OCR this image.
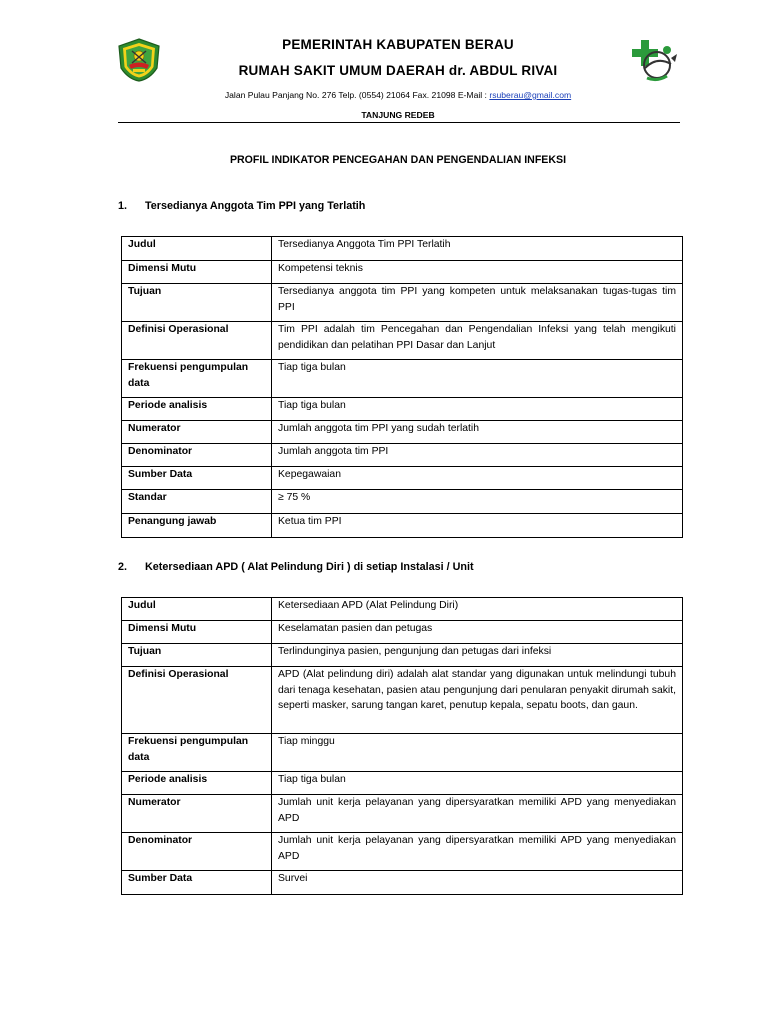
PEMERINTAH KABUPATEN BERAU
RUMAH SAKIT UMUM DAERAH dr. ABDUL RIVAI
Jalan Pulau Panjang No. 276 Telp. (0554) 21064 Fax. 21098 E-Mail : rsuberau@gmail.com
TANJUNG REDEB
PROFIL INDIKATOR PENCEGAHAN DAN PENGENDALIAN INFEKSI
1. Tersedianya Anggota Tim PPI yang Terlatih
Judul	Tersedianya Anggota Tim PPI Terlatih
Dimensi Mutu	Kompetensi teknis
Tujuan	Tersedianya anggota tim PPI yang kompeten untuk melaksanakan tugas-tugas tim PPI
Definisi Operasional	Tim PPI adalah tim Pencegahan dan Pengendalian Infeksi yang telah mengikuti pendidikan dan pelatihan PPI Dasar dan Lanjut
Frekuensi pengumpulan data	Tiap tiga bulan
Periode analisis	Tiap tiga bulan
Numerator	Jumlah anggota tim PPI yang sudah terlatih
Denominator	Jumlah anggota tim PPI
Sumber Data	Kepegawaian
Standar	≥ 75 %
Penangung jawab	Ketua tim PPI
2. Ketersediaan APD ( Alat Pelindung Diri ) di setiap Instalasi / Unit
Judul	Ketersediaan APD (Alat Pelindung Diri)
Dimensi Mutu	Keselamatan pasien dan petugas
Tujuan	Terlindunginya pasien, pengunjung dan petugas dari infeksi
Definisi Operasional	APD (Alat pelindung diri) adalah alat standar yang digunakan untuk melindungi tubuh dari tenaga kesehatan, pasien atau pengunjung dari penularan penyakit dirumah sakit, seperti masker, sarung tangan karet, penutup kepala, sepatu boots, dan gaun.
Frekuensi pengumpulan data	Tiap minggu
Periode analisis	Tiap tiga bulan
Numerator	Jumlah unit kerja pelayanan yang dipersyaratkan memiliki APD yang menyediakan APD
Denominator	Jumlah unit kerja pelayanan yang dipersyaratkan memiliki APD yang menyediakan APD
Sumber Data	Survei
